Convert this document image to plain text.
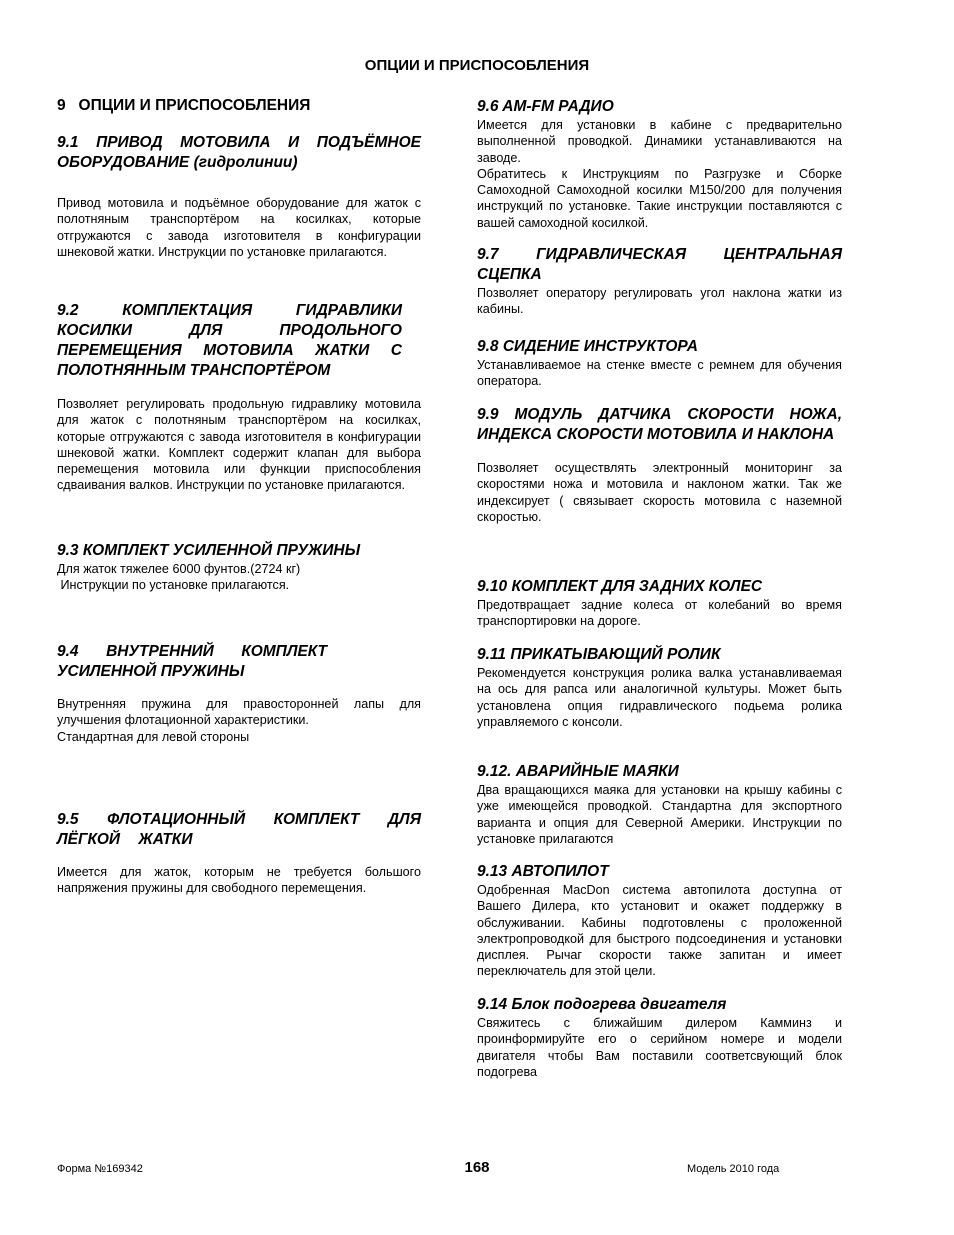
ОПЦИИ И ПРИСПОСОБЛЕНИЯ
9   ОПЦИИ И ПРИСПОСОБЛЕНИЯ
9.1 ПРИВОД МОТОВИЛА И ПОДЪЁМНОЕ ОБОРУДОВАНИЕ (гидролинии)
Привод мотовила и подъёмное оборудование для жаток с полотняным транспортёром на косилках, которые отгружаются с завода изготовителя в конфигурации шнековой жатки. Инструкции по установке прилагаются.
9.2 КОМПЛЕКТАЦИЯ ГИДРАВЛИКИ КОСИЛКИ ДЛЯ ПРОДОЛЬНОГО ПЕРЕМЕЩЕНИЯ МОТОВИЛА ЖАТКИ С ПОЛОТНЯННЫМ ТРАНСПОРТЁРОМ
Позволяет регулировать продольную гидравлику мотовила для жаток с полотняным транспортёром на косилках, которые отгружаются с завода изготовителя в конфигурации шнековой жатки. Комплект содержит клапан для выбора перемещения мотовила или функции приспособления сдваивания валков. Инструкции по установке прилагаются.
9.3 КОМПЛЕКТ УСИЛЕННОЙ ПРУЖИНЫ
Для жаток тяжелее 6000 фунтов.(2724 кг)
Инструкции по установке прилагаются.
9.4 ВНУТРЕННИЙ КОМПЛЕКТ УСИЛЕННОЙ ПРУЖИНЫ
Внутренняя пружина для правосторонней лапы для улучшения флотационной характеристики.
Стандартная для левой стороны
9.5 ФЛОТАЦИОННЫЙ КОМПЛЕКТ ДЛЯ ЛЁГКОЙ ЖАТКИ
Имеется для жаток, которым не требуется большого напряжения пружины для свободного перемещения.
9.6 AM-FM РАДИО
Имеется для установки в кабине с предварительно выполненной проводкой. Динамики устанавливаются на заводе.
Обратитесь к Инструкциям по Разгрузке и Сборке Самоходной Самоходной косилки M150/200 для получения инструкций по установке. Такие инструкции поставляются с вашей самоходной косилкой.
9.7 ГИДРАВЛИЧЕСКАЯ ЦЕНТРАЛЬНАЯ СЦЕПКА
Позволяет оператору регулировать угол наклона жатки из кабины.
9.8 СИДЕНИЕ ИНСТРУКТОРА
Устанавливаемое на стенке вместе с ремнем для обучения оператора.
9.9 МОДУЛЬ ДАТЧИКА СКОРОСТИ НОЖА, ИНДЕКСА СКОРОСТИ МОТОВИЛА И НАКЛОНА
Позволяет осуществлять электронный мониторинг за скоростями ножа и мотовила и наклоном жатки. Так же индексирует ( связывает скорость мотовила с наземной скоростью.
9.10 КОМПЛЕКТ ДЛЯ ЗАДНИХ КОЛЕС
Предотвращает задние колеса от колебаний во время транспортировки на дороге.
9.11 ПРИКАТЫВАЮЩИЙ РОЛИК
Рекомендуется конструкция ролика валка устанавливаемая на ось для рапса или аналогичной культуры. Может быть установлена опция гидравлического подьема ролика управляемого с консоли.
9.12. АВАРИЙНЫЕ МАЯКИ
Два вращающихся маяка для установки на крышу кабины с уже имеющейся проводкой. Стандартна для экспортного варианта и опция для Северной Америки. Инструкции по установке прилагаются
9.13 АВТОПИЛОТ
Одобренная MacDon система автопилота доступна от Вашего Дилера, кто установит и окажет поддержку в обслуживании. Кабины подготовлены с проложенной электропроводкой для быстрого подсоединения и установки дисплея. Рычаг скорости также запитан и имеет переключатель для этой цели.
9.14 Блок подогрева двигателя
Свяжитесь с ближайшим дилером Камминз и проинформируйте его о серийном номере и модели двигателя чтобы Вам поставили соответсвующий блок подогрева
Форма №169342	168	Модель 2010 года
